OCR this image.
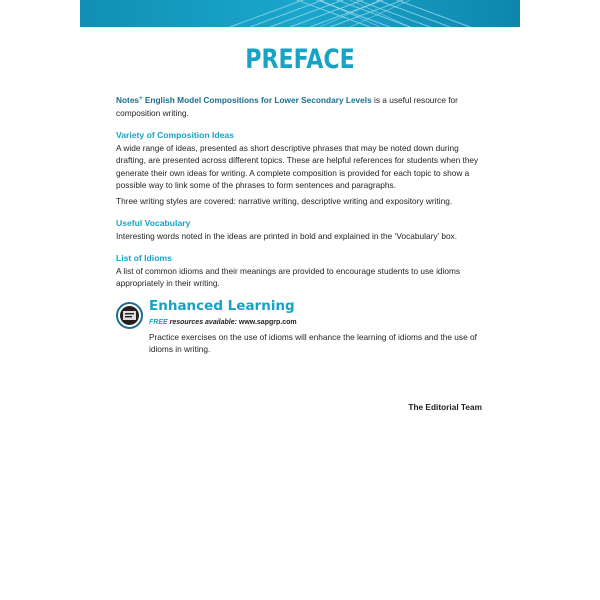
PREFACE

Notes+ English Model Compositions for Lower Secondary Levels is a useful resource for composition writing.

Variety of Composition Ideas

A wide range of ideas, presented as short descriptive phrases that may be noted down during drafting, are presented across different topics. These are helpful references for students when they generate their own ideas for writing. A complete composition is provided for each topic to show a possible way to link some of the phrases to form sentences and paragraphs.

Three writing styles are covered: narrative writing, descriptive writing and expository writing.

Useful Vocabulary

Interesting words noted in the ideas are printed in bold and explained in the ‘Vocabulary’ box.

List of Idioms

A list of common idioms and their meanings are provided to encourage students to use idioms appropriately in their writing.

Enhanced Learning
FREE resources available: www.sapgrp.com

Practice exercises on the use of idioms will enhance the learning of idioms and the use of idioms in writing.

The Editorial Team
